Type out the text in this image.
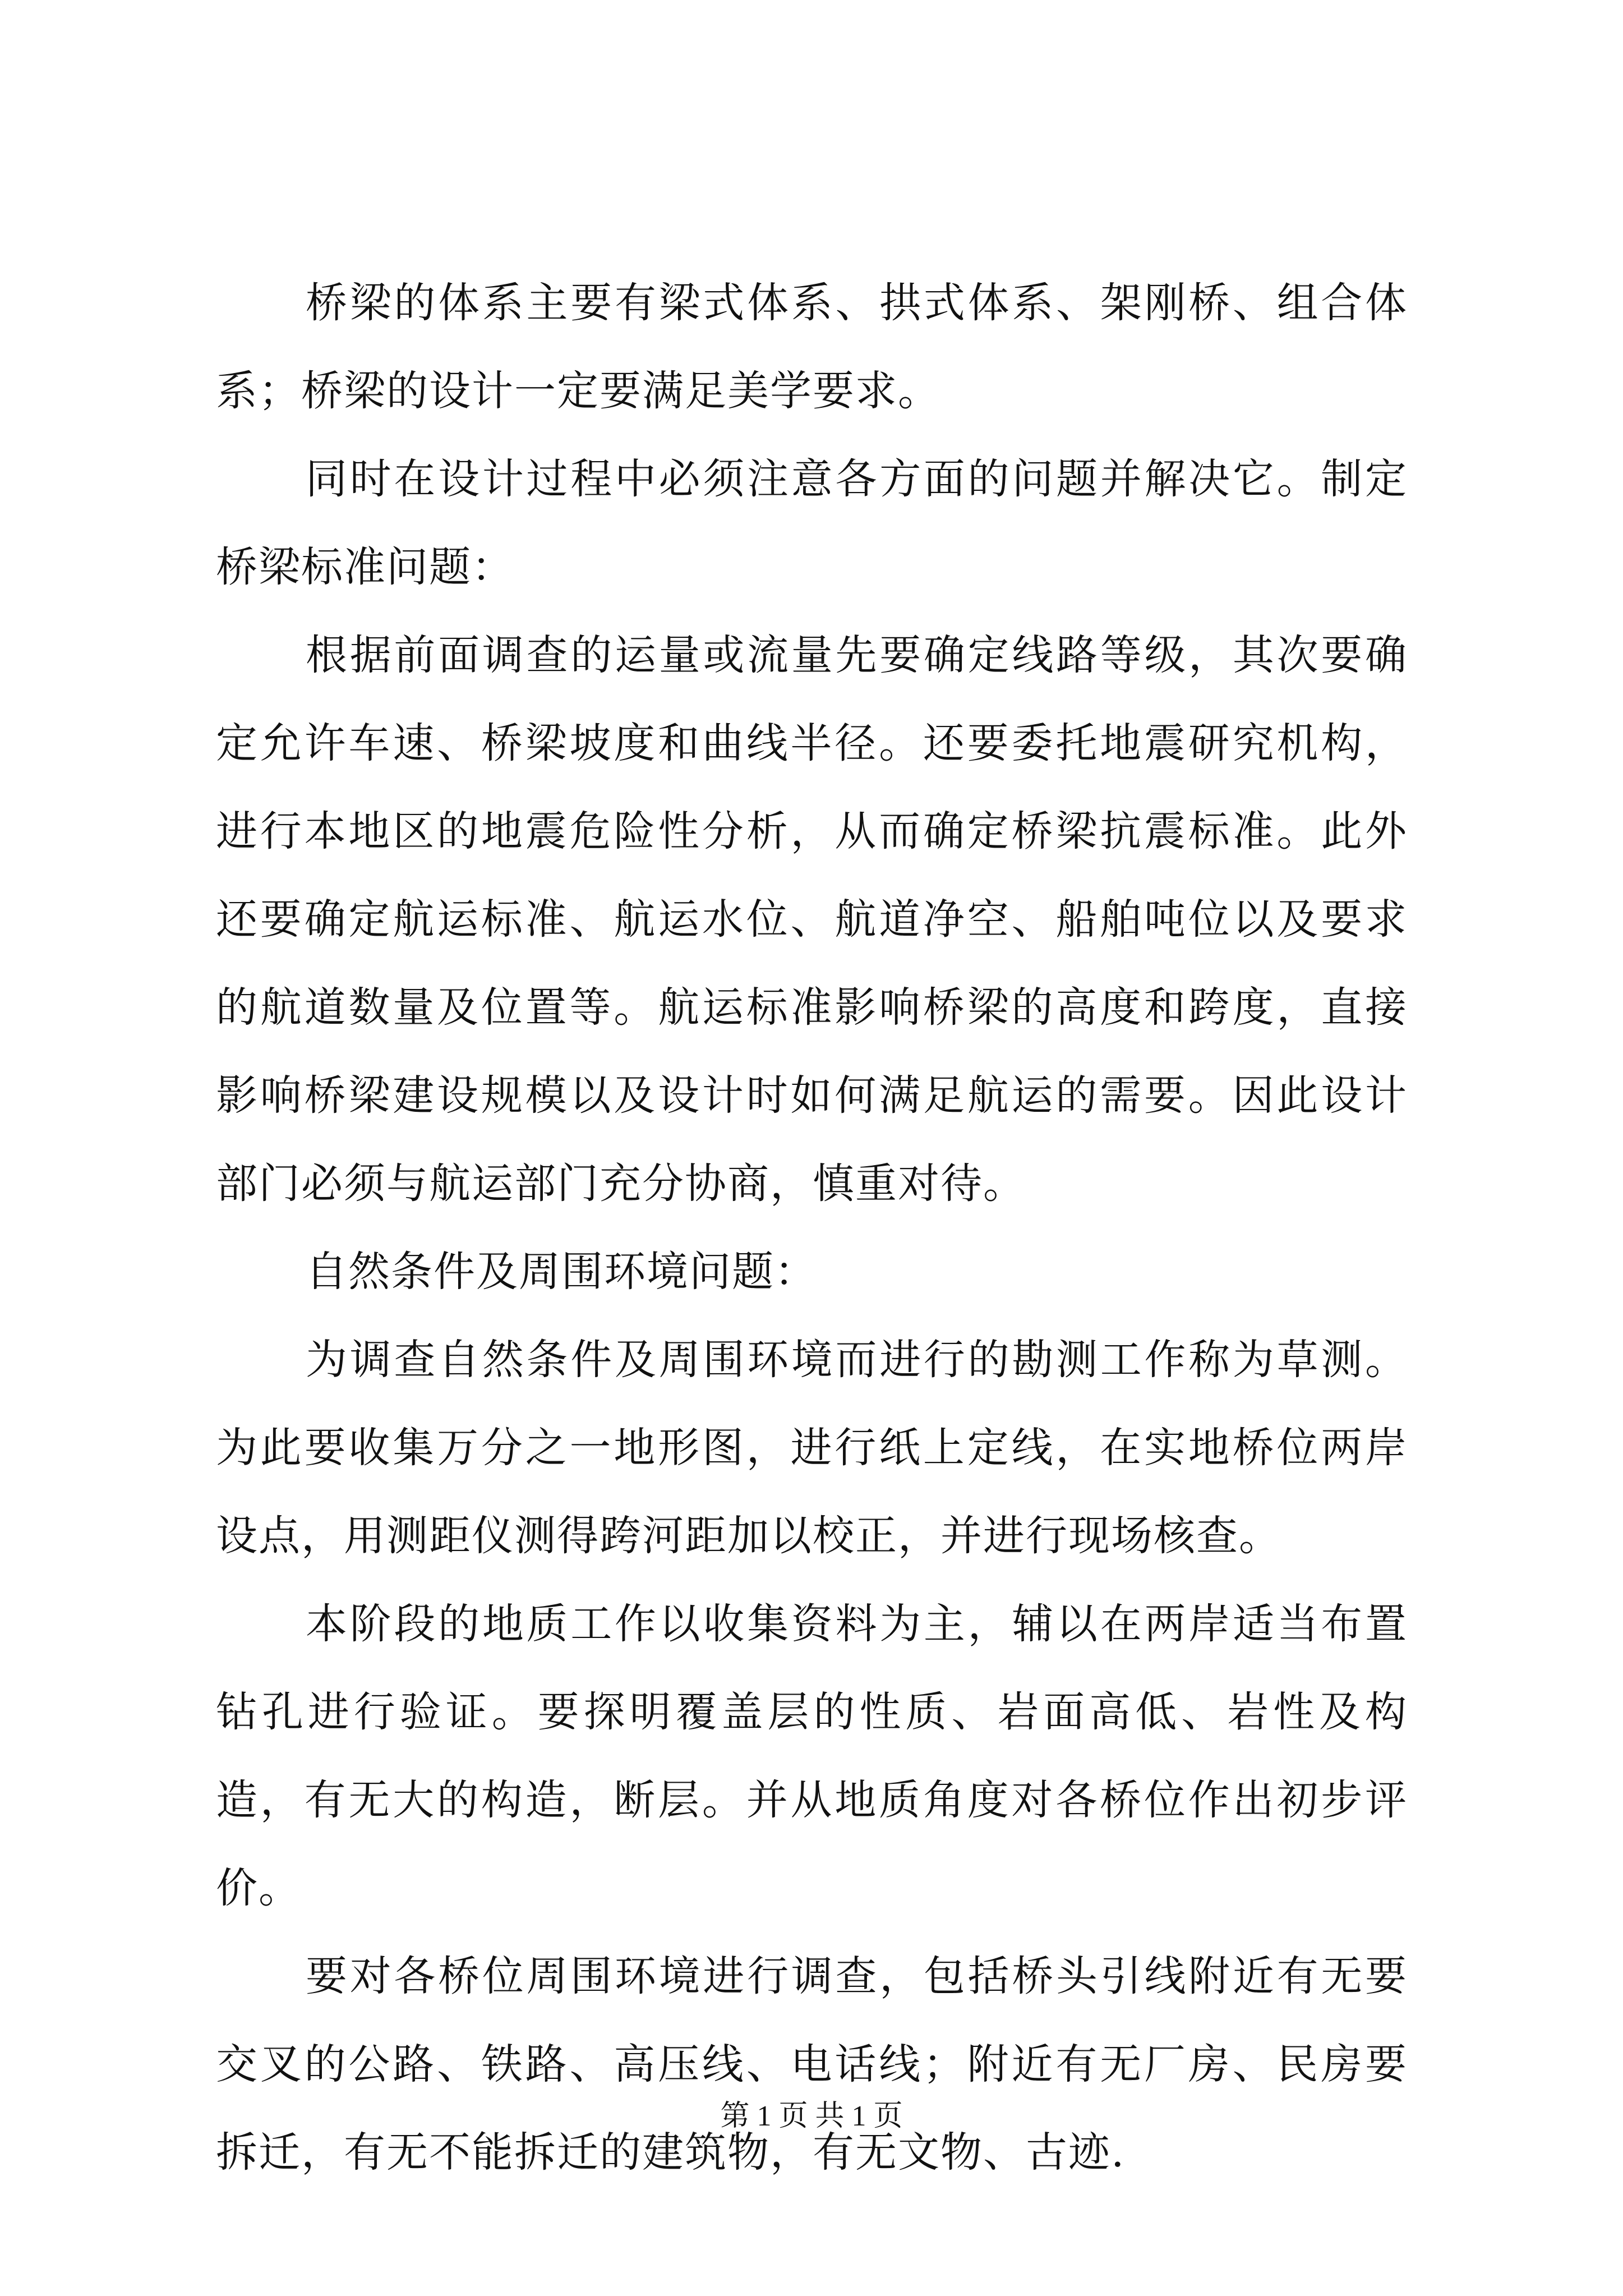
桥梁的体系主要有梁式体系、拱式体系、架刚桥、组合体系；桥梁的设计一定要满足美学要求。

同时在设计过程中必须注意各方面的问题并解决它。制定桥梁标准问题：

根据前面调查的运量或流量先要确定线路等级，其次要确定允许车速、桥梁坡度和曲线半径。还要委托地震研究机构，进行本地区的地震危险性分析，从而确定桥梁抗震标准。此外还要确定航运标准、航运水位、航道净空、船舶吨位以及要求的航道数量及位置等。航运标准影响桥梁的高度和跨度，直接影响桥梁建设规模以及设计时如何满足航运的需要。因此设计部门必须与航运部门充分协商，慎重对待。

自然条件及周围环境问题：

为调查自然条件及周围环境而进行的勘测工作称为草测。为此要收集万分之一地形图，进行纸上定线，在实地桥位两岸设点，用测距仪测得跨河距加以校正，并进行现场核查。

本阶段的地质工作以收集资料为主，辅以在两岸适当布置钻孔进行验证。要探明覆盖层的性质、岩面高低、岩性及构造，有无大的构造，断层。并从地质角度对各桥位作出初步评价。

要对各桥位周围环境进行调查，包括桥头引线附近有无要交叉的公路、铁路、高压线、电话线；附近有无厂房、民房要拆迁，有无不能拆迁的建筑物，有无文物、古迹.

第 1 页 共 1 页
